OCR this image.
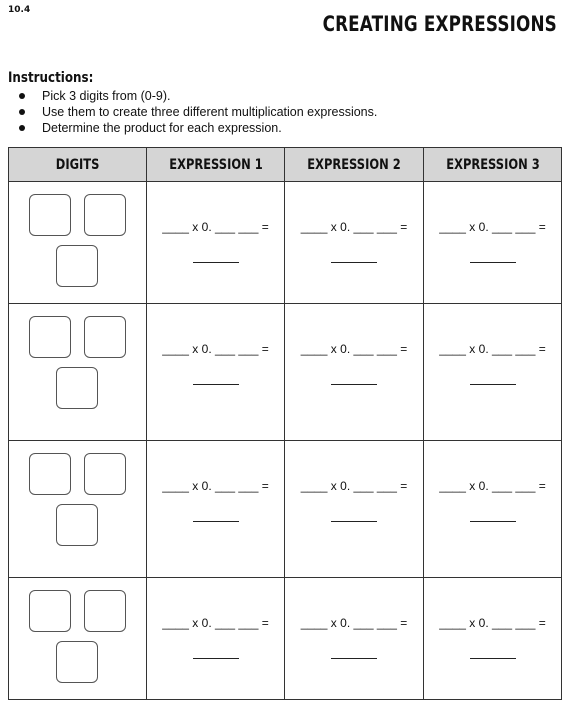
10.4
CREATING EXPRESSIONS
Instructions:
Pick 3 digits from (0-9).
Use them to create three different multiplication expressions.
Determine the product for each expression.
DIGITS	EXPRESSION 1	EXPRESSION 2	EXPRESSION 3

	____ x 0. ___ ___ =	____ x 0. ___ ___ =	____ x 0. ___ ___ =

	____ x 0. ___ ___ =	____ x 0. ___ ___ =	____ x 0. ___ ___ =

	____ x 0. ___ ___ =	____ x 0. ___ ___ =	____ x 0. ___ ___ =

	____ x 0. ___ ___ =	____ x 0. ___ ___ =	____ x 0. ___ ___ =
